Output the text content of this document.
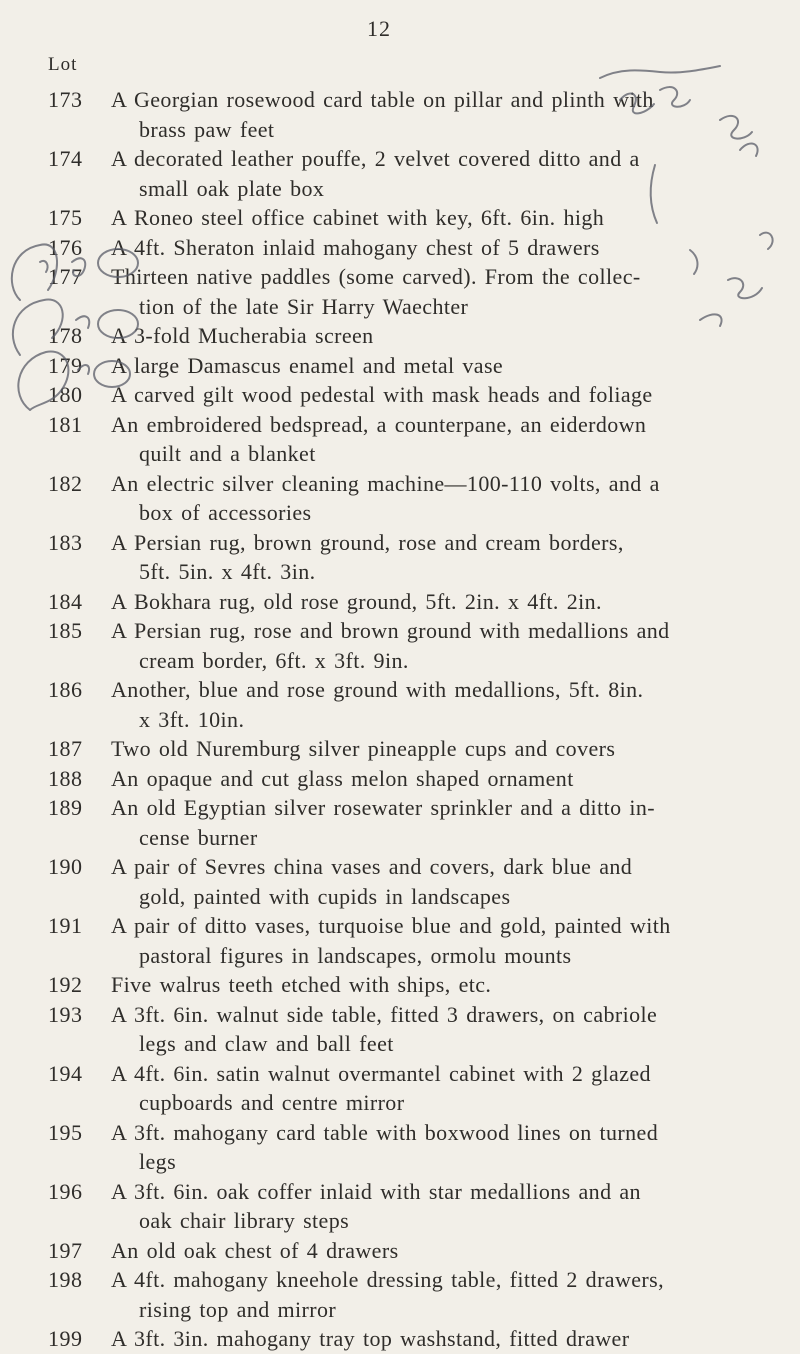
12
Lot
173	A Georgian rosewood card table on pillar and plinth with
brass paw feet
174	A decorated leather pouffe, 2 velvet covered ditto and a
small oak plate box
175	A Roneo steel office cabinet with key, 6ft. 6in. high
176	A 4ft. Sheraton inlaid mahogany chest of 5 drawers
177	Thirteen native paddles (some carved). From the collec-
tion of the late Sir Harry Waechter
178	A 3-fold Mucherabia screen
179	A large Damascus enamel and metal vase
180	A carved gilt wood pedestal with mask heads and foliage
181	An embroidered bedspread, a counterpane, an eiderdown
quilt and a blanket
182	An electric silver cleaning machine—100-110 volts, and a
box of accessories
183	A Persian rug, brown ground, rose and cream borders,
5ft. 5in. x 4ft. 3in.
184	A Bokhara rug, old rose ground, 5ft. 2in. x 4ft. 2in.
185	A Persian rug, rose and brown ground with medallions and
cream border, 6ft. x 3ft. 9in.
186	Another, blue and rose ground with medallions, 5ft. 8in.
x 3ft. 10in.
187	Two old Nuremburg silver pineapple cups and covers
188	An opaque and cut glass melon shaped ornament
189	An old Egyptian silver rosewater sprinkler and a ditto in-
cense burner
190	A pair of Sevres china vases and covers, dark blue and
gold, painted with cupids in landscapes
191	A pair of ditto vases, turquoise blue and gold, painted with
pastoral figures in landscapes, ormolu mounts
192	Five walrus teeth etched with ships, etc.
193	A 3ft. 6in. walnut side table, fitted 3 drawers, on cabriole
legs and claw and ball feet
194	A 4ft. 6in. satin walnut overmantel cabinet with 2 glazed
cupboards and centre mirror
195	A 3ft. mahogany card table with boxwood lines on turned
legs
196	A 3ft. 6in. oak coffer inlaid with star medallions and an
oak chair library steps
197	An old oak chest of 4 drawers
198	A 4ft. mahogany kneehole dressing table, fitted 2 drawers,
rising top and mirror
199	A 3ft. 3in. mahogany tray top washstand, fitted drawer
